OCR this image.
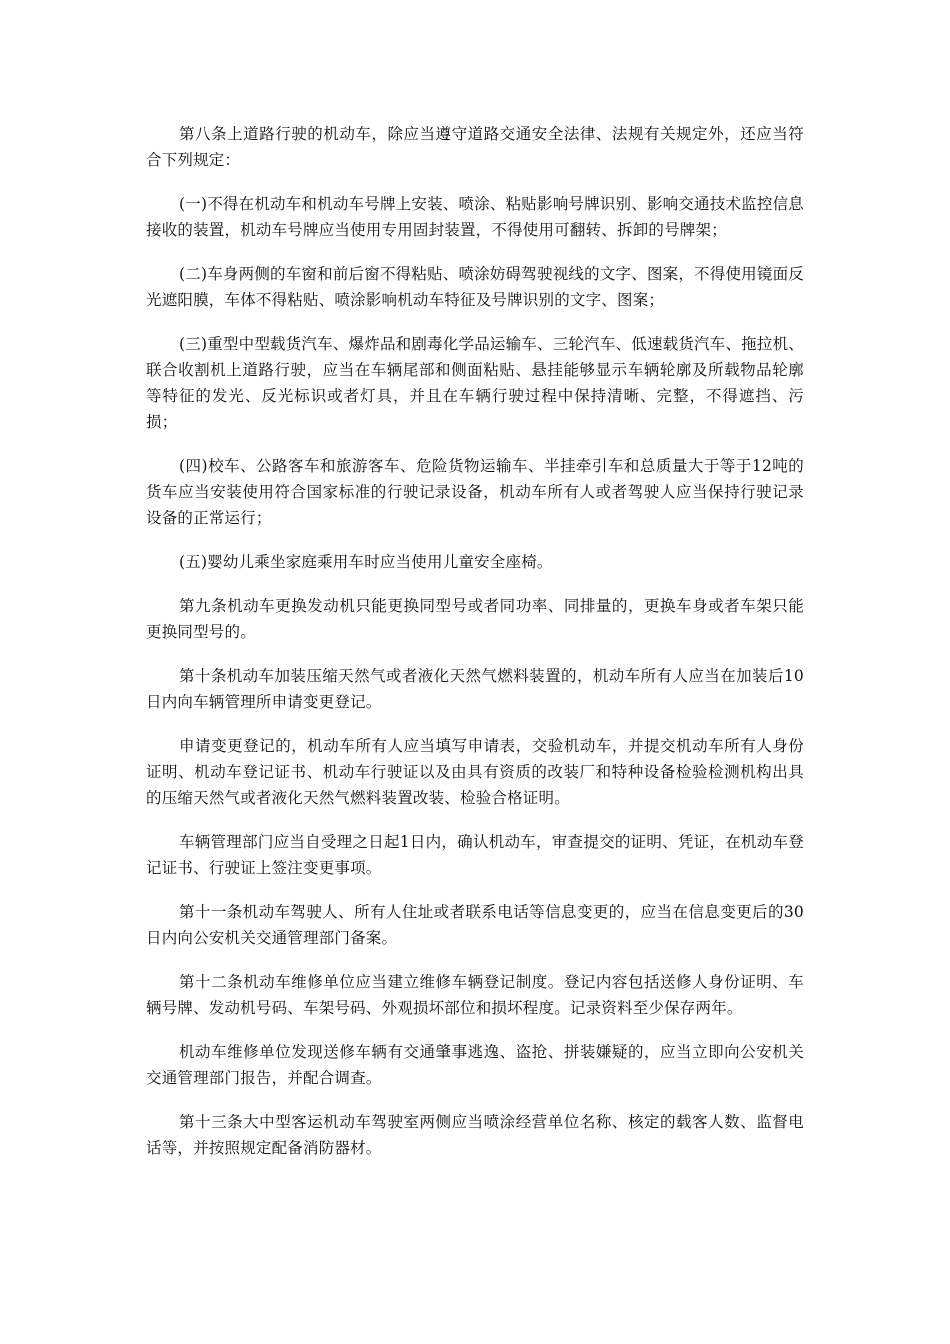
第八条上道路行驶的机动车，除应当遵守道路交通安全法律、法规有关规定外，还应当符合下列规定：

(一)不得在机动车和机动车号牌上安装、喷涂、粘贴影响号牌识别、影响交通技术监控信息接收的装置，机动车号牌应当使用专用固封装置，不得使用可翻转、拆卸的号牌架；

(二)车身两侧的车窗和前后窗不得粘贴、喷涂妨碍驾驶视线的文字、图案，不得使用镜面反光遮阳膜，车体不得粘贴、喷涂影响机动车特征及号牌识别的文字、图案；

(三)重型中型载货汽车、爆炸品和剧毒化学品运输车、三轮汽车、低速载货汽车、拖拉机、联合收割机上道路行驶，应当在车辆尾部和侧面粘贴、悬挂能够显示车辆轮廓及所载物品轮廓等特征的发光、反光标识或者灯具，并且在车辆行驶过程中保持清晰、完整，不得遮挡、污损；

(四)校车、公路客车和旅游客车、危险货物运输车、半挂牵引车和总质量大于等于12吨的货车应当安装使用符合国家标准的行驶记录设备，机动车所有人或者驾驶人应当保持行驶记录设备的正常运行；

(五)婴幼儿乘坐家庭乘用车时应当使用儿童安全座椅。

第九条机动车更换发动机只能更换同型号或者同功率、同排量的，更换车身或者车架只能更换同型号的。

第十条机动车加装压缩天然气或者液化天然气燃料装置的，机动车所有人应当在加装后10日内向车辆管理所申请变更登记。

申请变更登记的，机动车所有人应当填写申请表，交验机动车，并提交机动车所有人身份证明、机动车登记证书、机动车行驶证以及由具有资质的改装厂和特种设备检验检测机构出具的压缩天然气或者液化天然气燃料装置改装、检验合格证明。

车辆管理部门应当自受理之日起1日内，确认机动车，审查提交的证明、凭证，在机动车登记证书、行驶证上签注变更事项。

第十一条机动车驾驶人、所有人住址或者联系电话等信息变更的，应当在信息变更后的30日内向公安机关交通管理部门备案。

第十二条机动车维修单位应当建立维修车辆登记制度。登记内容包括送修人身份证明、车辆号牌、发动机号码、车架号码、外观损坏部位和损坏程度。记录资料至少保存两年。

机动车维修单位发现送修车辆有交通肇事逃逸、盗抢、拼装嫌疑的，应当立即向公安机关交通管理部门报告，并配合调查。

第十三条大中型客运机动车驾驶室两侧应当喷涂经营单位名称、核定的载客人数、监督电话等，并按照规定配备消防器材。
